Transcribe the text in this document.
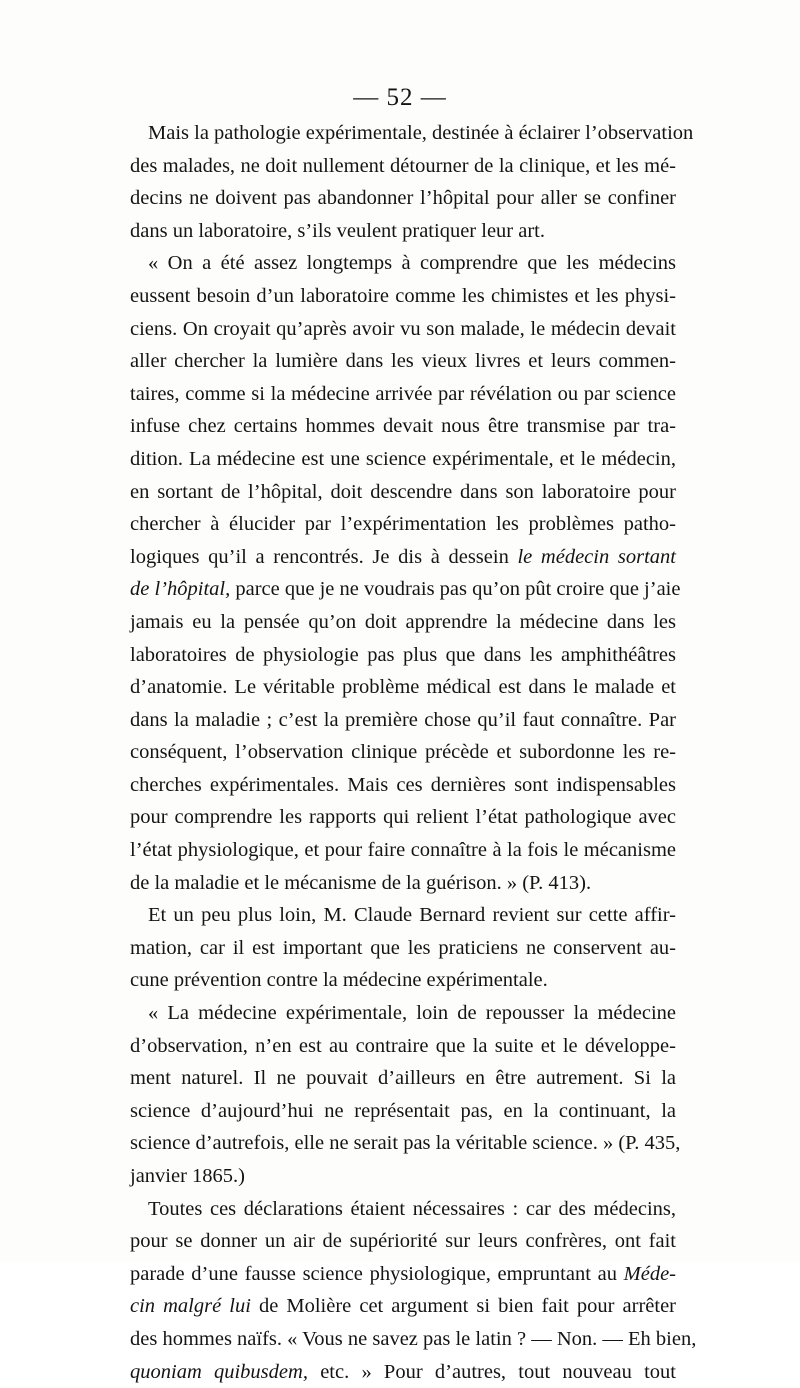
— 52 —
Mais la pathologie expérimentale, destinée à éclairer l’observation
des malades, ne doit nullement détourner de la clinique, et les mé-
decins ne doivent pas abandonner l’hôpital pour aller se confiner
dans un laboratoire, s’ils veulent pratiquer leur art.
« On a été assez longtemps à comprendre que les médecins
eussent besoin d’un laboratoire comme les chimistes et les physi-
ciens. On croyait qu’après avoir vu son malade, le médecin devait
aller chercher la lumière dans les vieux livres et leurs commen-
taires, comme si la médecine arrivée par révélation ou par science
infuse chez certains hommes devait nous être transmise par tra-
dition. La médecine est une science expérimentale, et le médecin,
en sortant de l’hôpital, doit descendre dans son laboratoire pour
chercher à élucider par l’expérimentation les problèmes patho-
logiques qu’il a rencontrés. Je dis à dessein le médecin sortant
de l’hôpital, parce que je ne voudrais pas qu’on pût croire que j’aie
jamais eu la pensée qu’on doit apprendre la médecine dans les
laboratoires de physiologie pas plus que dans les amphithéâtres
d’anatomie. Le véritable problème médical est dans le malade et
dans la maladie ; c’est la première chose qu’il faut connaître. Par
conséquent, l’observation clinique précède et subordonne les re-
cherches expérimentales. Mais ces dernières sont indispensables
pour comprendre les rapports qui relient l’état pathologique avec
l’état physiologique, et pour faire connaître à la fois le mécanisme
de la maladie et le mécanisme de la guérison. » (P. 413).
Et un peu plus loin, M. Claude Bernard revient sur cette affir-
mation, car il est important que les praticiens ne conservent au-
cune prévention contre la médecine expérimentale.
« La médecine expérimentale, loin de repousser la médecine
d’observation, n’en est au contraire que la suite et le développe-
ment naturel. Il ne pouvait d’ailleurs en être autrement. Si la
science d’aujourd’hui ne représentait pas, en la continuant, la
science d’autrefois, elle ne serait pas la véritable science. » (P. 435,
janvier 1865.)
Toutes ces déclarations étaient nécessaires : car des médecins,
pour se donner un air de supériorité sur leurs confrères, ont fait
parade d’une fausse science physiologique, empruntant au Méde-
cin malgré lui de Molière cet argument si bien fait pour arrêter
des hommes naïfs. « Vous ne savez pas le latin ? — Non. — Eh bien,
quoniam quibusdem, etc. » Pour d’autres, tout nouveau tout
